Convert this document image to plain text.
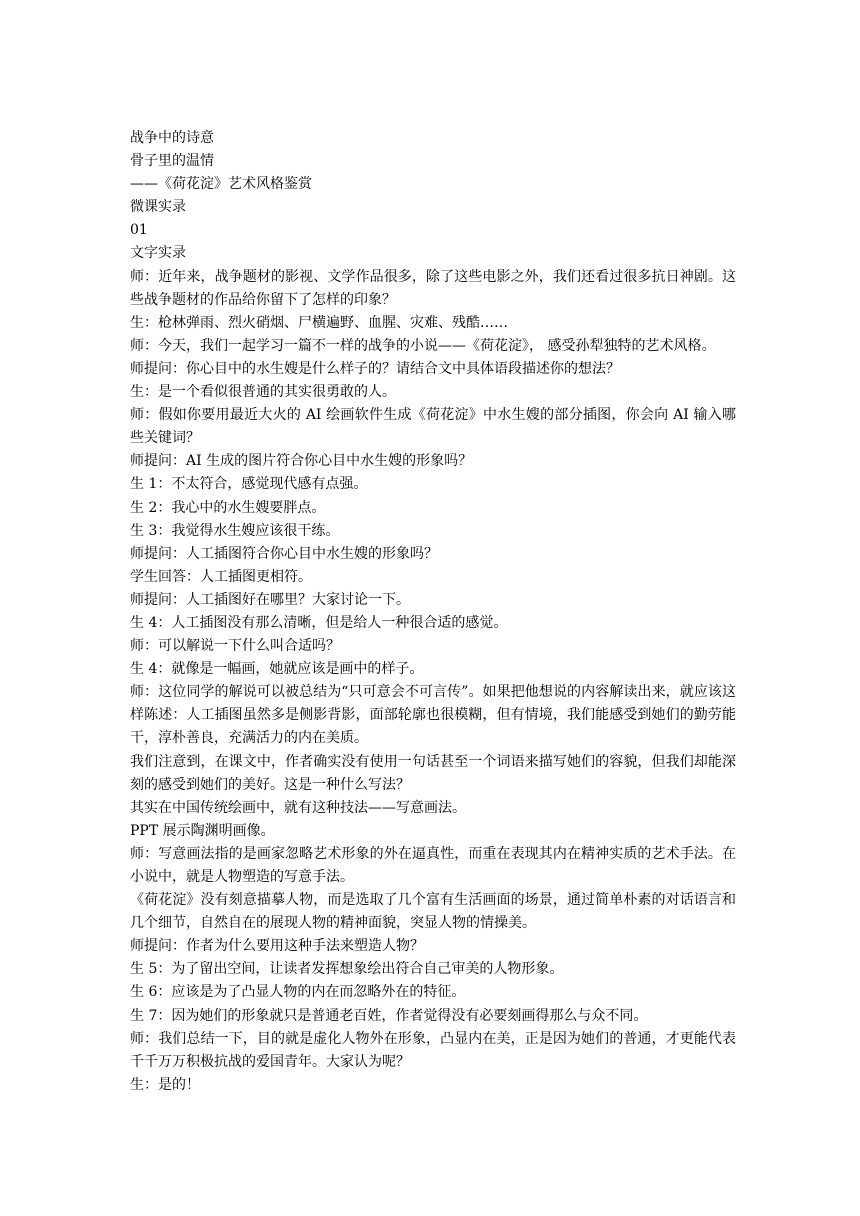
战争中的诗意
骨子里的温情
——《荷花淀》艺术风格鉴赏
微课实录
01
文字实录
师：近年来，战争题材的影视、文学作品很多，除了这些电影之外，我们还看过很多抗日神剧。这些战争题材的作品给你留下了怎样的印象？
生：枪林弹雨、烈火硝烟、尸横遍野、血腥、灾难、残酷……
师：今天，我们一起学习一篇不一样的战争的小说——《荷花淀》， 感受孙犁独特的艺术风格。
师提问：你心目中的水生嫂是什么样子的？请结合文中具体语段描述你的想法？
生：是一个看似很普通的其实很勇敢的人。
师：假如你要用最近大火的 AI 绘画软件生成《荷花淀》中水生嫂的部分插图，你会向 AI 输入哪些关键词？
师提问：AI 生成的图片符合你心目中水生嫂的形象吗？
生 1：不太符合，感觉现代感有点强。
生 2：我心中的水生嫂要胖点。
生 3：我觉得水生嫂应该很干练。
师提问：人工插图符合你心目中水生嫂的形象吗？
学生回答：人工插图更相符。
师提问：人工插图好在哪里？大家讨论一下。
生 4：人工插图没有那么清晰，但是给人一种很合适的感觉。
师：可以解说一下什么叫合适吗？
生 4：就像是一幅画，她就应该是画中的样子。
师：这位同学的解说可以被总结为“只可意会不可言传”。如果把他想说的内容解读出来，就应该这样陈述：人工插图虽然多是侧影背影，面部轮廓也很模糊，但有情境，我们能感受到她们的勤劳能干，淳朴善良，充满活力的内在美质。
我们注意到，在课文中，作者确实没有使用一句话甚至一个词语来描写她们的容貌，但我们却能深刻的感受到她们的美好。这是一种什么写法？
其实在中国传统绘画中，就有这种技法——写意画法。
PPT 展示陶渊明画像。
师：写意画法指的是画家忽略艺术形象的外在逼真性，而重在表现其内在精神实质的艺术手法。在小说中，就是人物塑造的写意手法。
《荷花淀》没有刻意描摹人物，而是选取了几个富有生活画面的场景，通过简单朴素的对话语言和几个细节，自然自在的展现人物的精神面貌，突显人物的情操美。
师提问：作者为什么要用这种手法来塑造人物？
生 5：为了留出空间，让读者发挥想象绘出符合自己审美的人物形象。
生 6：应该是为了凸显人物的内在而忽略外在的特征。
生 7：因为她们的形象就只是普通老百姓，作者觉得没有必要刻画得那么与众不同。
师：我们总结一下，目的就是虚化人物外在形象，凸显内在美，正是因为她们的普通，才更能代表千千万万积极抗战的爱国青年。大家认为呢？
生：是的！
